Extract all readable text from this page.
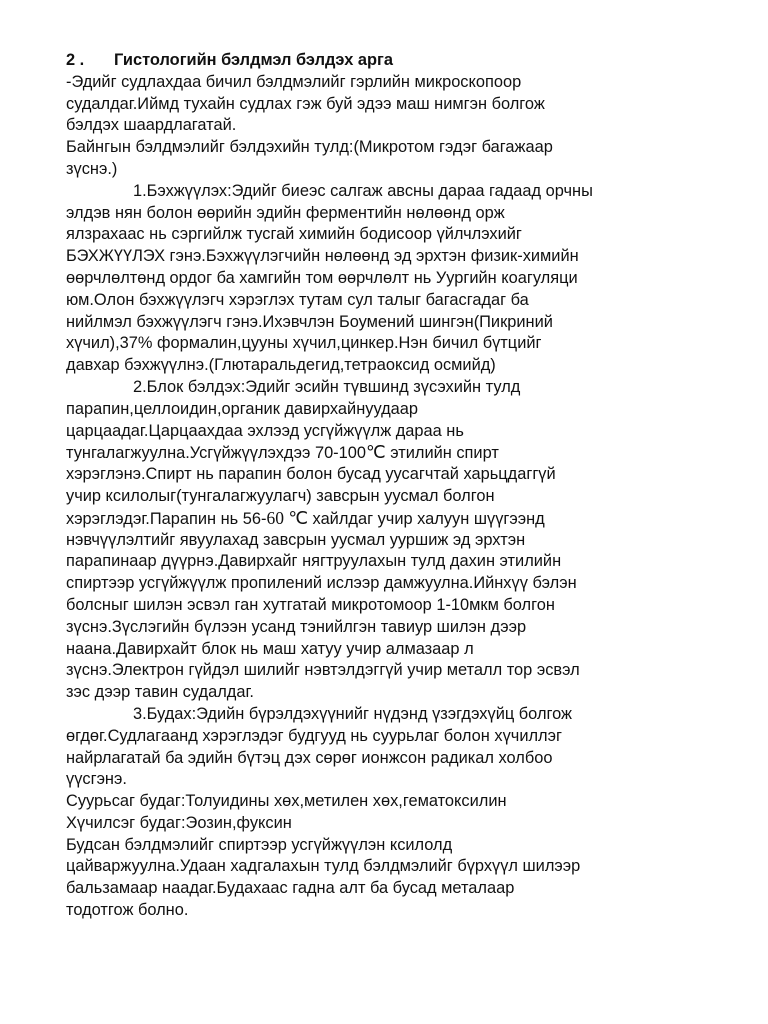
2 . Гистологийн бэлдмэл бэлдэх арга
-Эдийг судлахдаа бичил бэлдмэлийг гэрлийн микроскопоор
судалдаг.Иймд тухайн судлах гэж буй эдээ маш нимгэн болгож
бэлдэх шаардлагатай.
Байнгын бэлдмэлийг бэлдэхийн тулд:(Микротом гэдэг багажаар
зүснэ.)
1.Бэхжүүлэх:Эдийг биеэс салгаж авсны дараа гадаад орчны
элдэв нян болон өөрийн эдийн ферментийн нөлөөнд орж
ялзрахаас нь сэргийлж тусгай химийн бодисоор үйлчлэхийг
БЭХЖҮҮЛЭХ гэнэ.Бэхжүүлэгчийн нөлөөнд эд эрхтэн физик-химийн
өөрчлөлтөнд ордог ба хамгийн том өөрчлөлт нь Уургийн коагуляци
юм.Олон бэхжүүлэгч хэрэглэх тутам сул талыг багасгадаг ба
нийлмэл бэхжүүлэгч гэнэ.Ихэвчлэн Боумений шингэн(Пикриний
хүчил),37% формалин,цууны хүчил,цинкер.Нэн бичил бүтцийг
давхар бэхжүүлнэ.(Глютаральдегид,тетраоксид осмийд)
2.Блок бэлдэх:Эдийг эсийн түвшинд зүсэхийн тулд
парапин,целлоидин,органик давирхайнуудаар
царцаадаг.Царцаахдаа эхлээд усгүйжүүлж дараа нь
тунгалагжуулна.Усгүйжүүлэхдээ 70-100℃ этилийн спирт
хэрэглэнэ.Спирт нь парапин болон бусад уусагчтай харьцдаггүй
учир ксилолыг(тунгалагжуулагч) завсрын уусмал болгон
хэрэглэдэг.Парапин нь 56-60 ℃ хайлдаг учир халуун шүүгээнд
нэвчүүлэлтийг явуулахад завсрын уусмал ууршиж эд эрхтэн
парапинаар дүүрнэ.Давирхайг нягтруулахын тулд дахин этилийн
спиртээр усгүйжүүлж пропилений ислээр дамжуулна.Ийнхүү бэлэн
болсныг шилэн эсвэл ган хутгатай микротомоор 1-10мкм болгон
зүснэ.Зүслэгийн бүлээн усанд тэнийлгэн тавиур шилэн дээр
наана.Давирхайт блок нь маш хатуу учир алмазаар л
зүснэ.Электрон гүйдэл шилийг нэвтэлдэггүй учир металл тор эсвэл
зэс дээр тавин судалдаг.
3.Будах:Эдийн бүрэлдэхүүнийг нүдэнд үзэгдэхүйц болгож
өгдөг.Судлагаанд хэрэглэдэг будгууд нь суурьлаг болон хүчиллэг
найрлагатай ба эдийн бүтэц дэх сөрөг ионжсон радикал холбоо
үүсгэнэ.
Суурьсаг будаг:Толуидины хөх,метилен хөх,гематоксилин
Хүчилсэг будаг:Эозин,фуксин
Будсан бэлдмэлийг спиртээр усгүйжүүлэн ксилолд
цайваржуулна.Удаан хадгалахын тулд бэлдмэлийг бүрхүүл шилээр
бальзамаар наадаг.Будахаас гадна алт ба бусад металаар
тодотгож болно.
